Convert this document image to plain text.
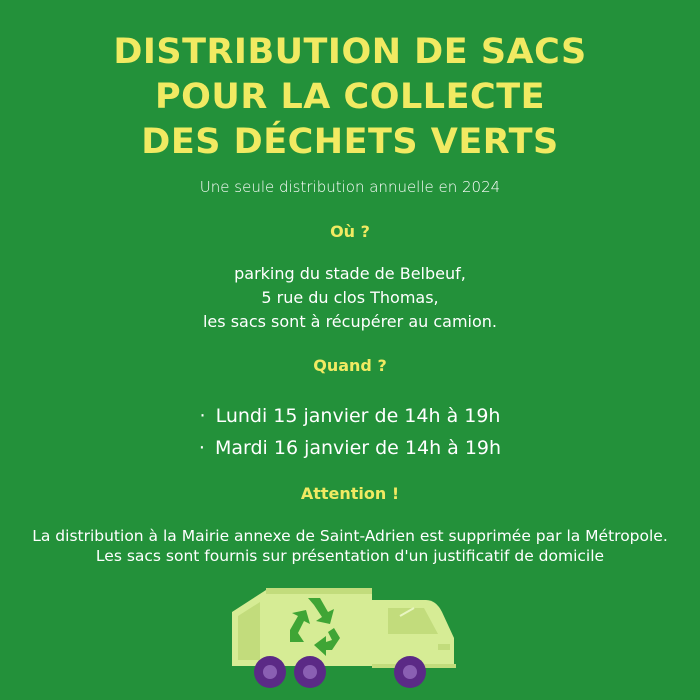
DISTRIBUTION DE SACS
POUR LA COLLECTE
DES DÉCHETS VERTS
Une seule distribution annuelle en 2024
Où ?
parking du stade de Belbeuf,
5 rue du clos Thomas,
les sacs sont à récupérer au camion.
Quand ?
· Lundi 15 janvier de 14h à 19h
· Mardi 16 janvier de 14h à 19h
Attention !
La distribution à la Mairie annexe de Saint-Adrien est supprimée par la Métropole.
Les sacs sont fournis sur présentation d'un justificatif de domicile
